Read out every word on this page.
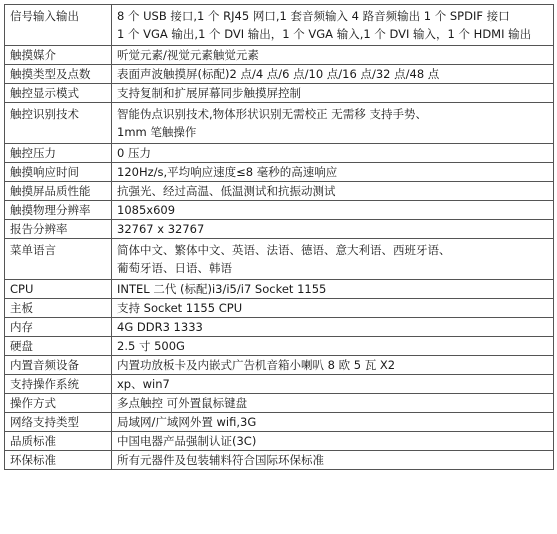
信号输入输出	8 个 USB 接口,1 个 RJ45 网口,1 套音频输入 4 路音频输出 1 个 SPDIF 接口
1 个 VGA 输出,1 个 DVI 输出，1 个 VGA 输入,1 个 DVI 输入，1 个 HDMI 输出

触摸媒介	听觉元素/视觉元素触觉元素

触摸类型及点数	表面声波触摸屏(标配)2 点/4 点/6 点/10 点/16 点/32 点/48 点

触控显示模式	支持复制和扩展屏幕同步触摸屏控制

触控识别技术	智能伪点识别技术,物体形状识别无需校正 无需移 支持手势、
1mm 笔触操作

触控压力	0 压力

触摸响应时间	120Hz/s,平均响应速度≤8 毫秒的高速响应

触摸屏品质性能	抗强光、经过高温、低温测试和抗振动测试

触摸物理分辨率	1085x609

报告分辨率	32767 x 32767

菜单语言	简体中文、繁体中文、英语、法语、德语、意大利语、西班牙语、
葡萄牙语、日语、韩语

CPU	INTEL 二代 (标配)i3/i5/i7 Socket 1155

主板	支持 Socket 1155 CPU

内存	4G DDR3 1333

硬盘	2.5 寸 500G

内置音频设备	内置功放板卡及内嵌式广告机音箱小喇叭 8 欧 5 瓦 X2

支持操作系统	xp、win7

操作方式	多点触控 可外置鼠标键盘

网络支持类型	局域网/广域网外置 wifi,3G

品质标准	中国电器产品强制认证(3C)

环保标准	所有元器件及包装辅料符合国际环保标准
